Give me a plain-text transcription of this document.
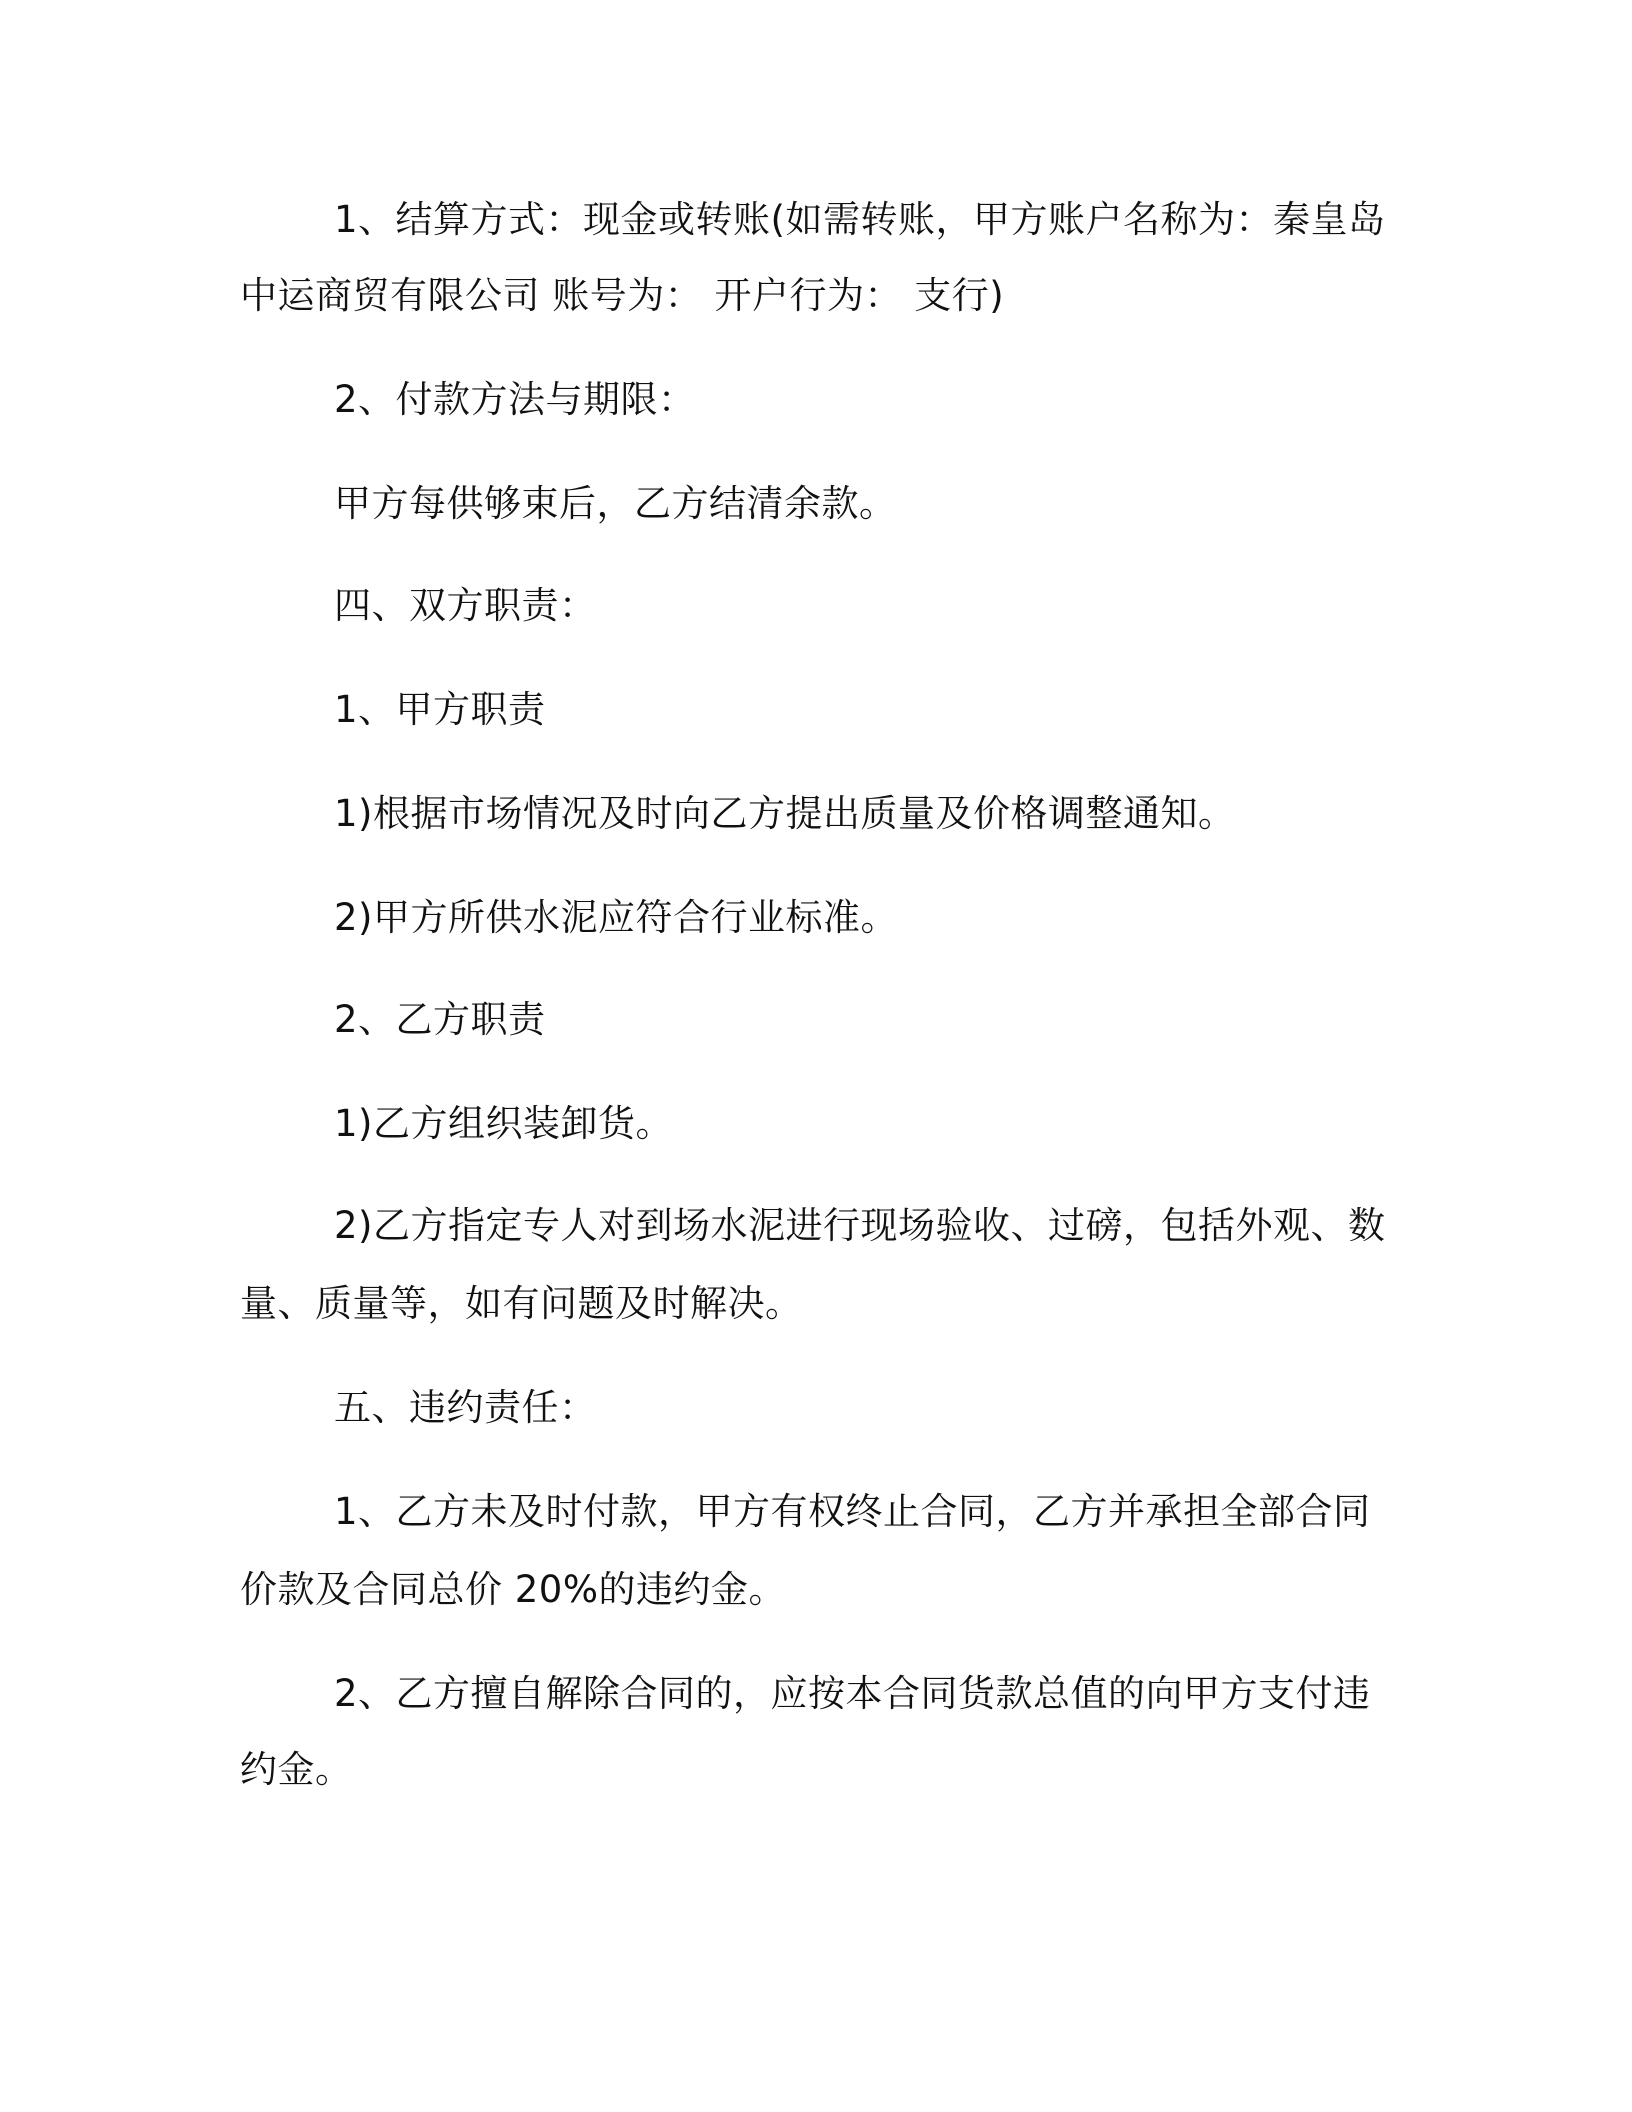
1、结算方式：现金或转账(如需转账，甲方账户名称为：秦皇岛
中运商贸有限公司 账号为： 开户行为： 支行)
2、付款方法与期限：
甲方每供够束后，乙方结清余款。
四、双方职责：
1、甲方职责
1)根据市场情况及时向乙方提出质量及价格调整通知。
2)甲方所供水泥应符合行业标准。
2、乙方职责
1)乙方组织装卸货。
2)乙方指定专人对到场水泥进行现场验收、过磅，包括外观、数
量、质量等，如有问题及时解决。
五、违约责任：
1、乙方未及时付款，甲方有权终止合同，乙方并承担全部合同
价款及合同总价 20%的违约金。
2、乙方擅自解除合同的，应按本合同货款总值的向甲方支付违
约金。
